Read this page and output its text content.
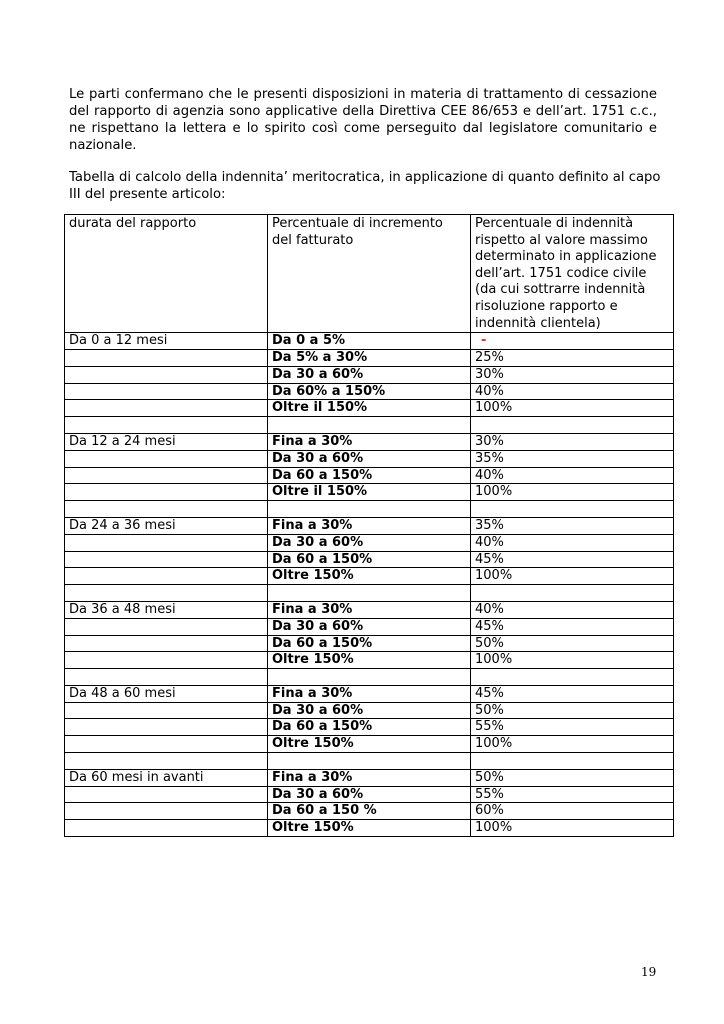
Le parti confermano che le presenti disposizioni in materia di trattamento di cessazione del rapporto di agenzia sono applicative della Direttiva CEE 86/653 e dell’art. 1751 c.c., ne rispettano la lettera e lo spirito così come perseguito dal legislatore comunitario e nazionale.
Tabella di calcolo della indennita’ meritocratica, in applicazione di quanto definito al capo III del presente articolo:
durata del rapporto	Percentuale di incremento del fatturato	Percentuale di indennità rispetto al valore massimo determinato in applicazione dell’art. 1751 codice civile (da cui sottrarre indennità risoluzione rapporto e indennità clientela)
Da 0 a 12 mesi	Da 0 a 5%	-
	Da 5% a 30%	25%
	Da 30 a 60%	30%
	Da 60% a 150%	40%
	Oltre il 150%	100%

Da 12 a 24 mesi	Fina a 30%	30%
	Da 30 a 60%	35%
	Da 60 a 150%	40%
	Oltre il 150%	100%

Da 24 a 36 mesi	Fina a 30%	35%
	Da 30 a 60%	40%
	Da 60 a 150%	45%
	Oltre 150%	100%

Da 36 a 48 mesi	Fina a 30%	40%
	Da 30 a 60%	45%
	Da 60 a 150%	50%
	Oltre 150%	100%

Da 48 a 60 mesi	Fina a 30%	45%
	Da 30 a 60%	50%
	Da 60 a 150%	55%
	Oltre 150%	100%

Da 60 mesi in avanti	Fina a 30%	50%
	Da 30 a 60%	55%
	Da 60 a 150 %	60%
	Oltre 150%	100%
19
